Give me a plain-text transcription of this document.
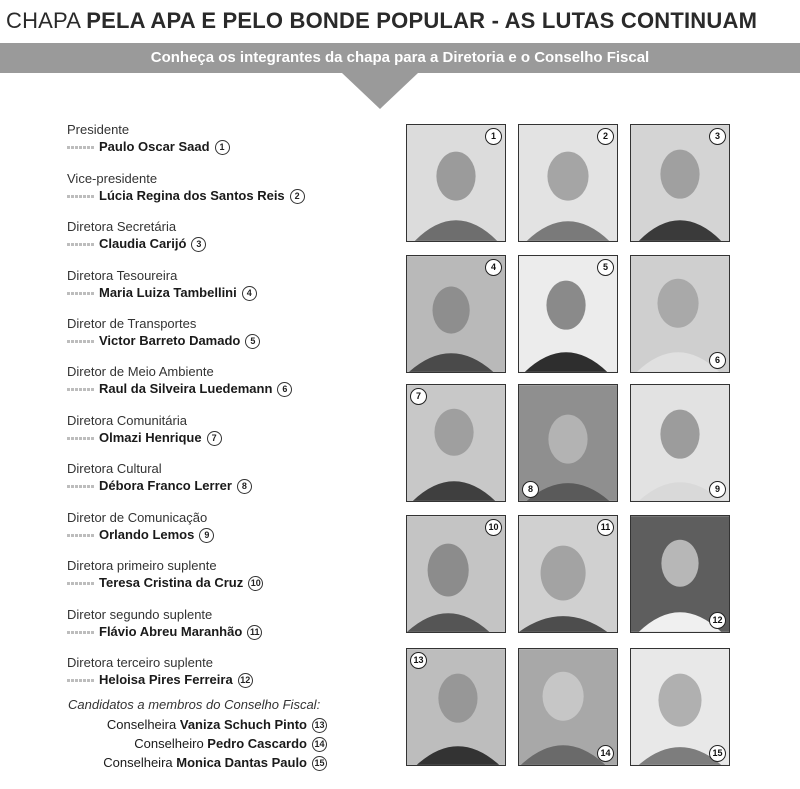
CHAPA PELA APA E PELO BONDE POPULAR - AS LUTAS CONTINUAM
Conheça os integrantes da chapa para a Diretoria e o Conselho Fiscal
Presidente
Paulo Oscar Saad 1
Vice-presidente
Lúcia Regina dos Santos Reis 2
Diretora Secretária
Claudia Carijó 3
Diretora Tesoureira
Maria Luiza Tambellini 4
Diretor de Transportes
Victor Barreto Damado 5
Diretor de Meio Ambiente
Raul da Silveira Luedemann 6
Diretora Comunitária
Olmazi Henrique 7
Diretora Cultural
Débora Franco Lerrer 8
Diretor de Comunicação
Orlando Lemos 9
Diretora primeiro suplente
Teresa Cristina da Cruz 10
Diretor segundo suplente
Flávio Abreu Maranhão 11
Diretora terceiro suplente
Heloisa Pires Ferreira 12
Candidatos a membros do Conselho Fiscal:
Conselheira Vaniza Schuch Pinto 13
Conselheiro Pedro Cascardo 14
Conselheira Monica Dantas Paulo 15
1	2	3
4	5
6
7
8	9
10	11
12
13
14	15
